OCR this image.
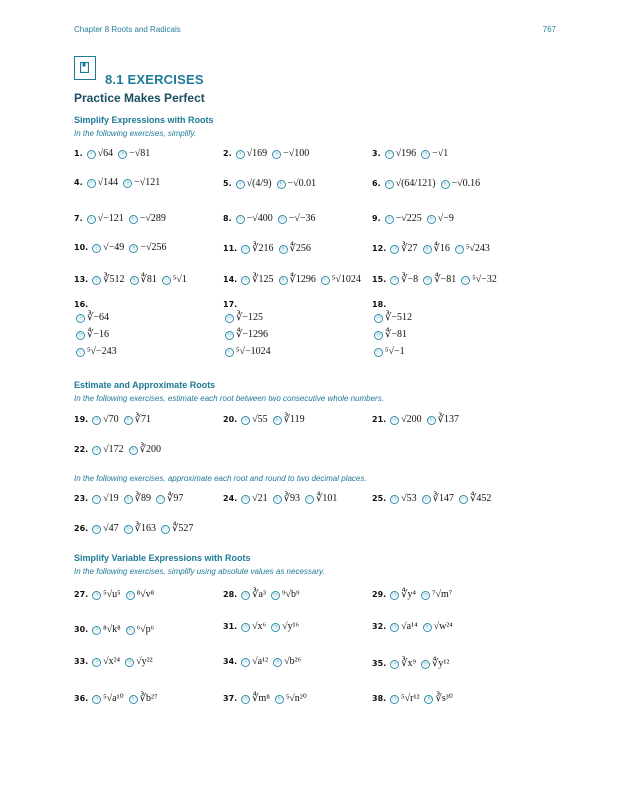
Chapter 8 Roots and Radicals	767
8.1 EXERCISES
Practice Makes Perfect
Simplify Expressions with Roots
In the following exercises, simplify.
1. ⓐ √64 ⓑ −√81	2. ⓐ √169 ⓑ −√100	3. ⓐ √196 ⓑ −√1
4. ⓐ √144 ⓑ −√121	5. ⓐ √(4/9) ⓑ −√0.01	6. ⓐ √(64/121) ⓑ −√0.16
7. ⓐ √−121 ⓑ −√289	8. ⓐ −√400 ⓑ −√−36	9. ⓐ −√225 ⓑ √−9
10. ⓐ √−49 ⓑ −√256	11. ⓐ ∛216 ⓑ ∜256	12. ⓐ ∛27 ⓑ ∜16 ⓒ ⁵√243
13. ⓐ ∛512 ⓑ ∜81 ⓒ ⁵√1	14. ⓐ ∛125 ⓑ ∜1296 ⓒ ⁵√1024	15. ⓐ ∛−8 ⓑ ∜−81 ⓒ ⁵√−32
16.
ⓐ ∛−64
ⓑ ∜−16
ⓒ ⁵√−243
17.
ⓐ ∛−125
ⓑ ∜−1296
ⓒ ⁵√−1024
18.
ⓐ ∛−512
ⓑ ∜−81
ⓒ ⁵√−1
Estimate and Approximate Roots
In the following exercises, estimate each root between two consecutive whole numbers.
19. ⓐ √70 ⓑ ∛71	20. ⓐ √55 ⓑ ∛119	21. ⓐ √200 ⓑ ∛137
22. ⓐ √172 ⓑ ∛200
In the following exercises, approximate each root and round to two decimal places.
23. ⓐ √19 ⓑ ∛89 ⓒ ∜97	24. ⓐ √21 ⓑ ∛93 ⓒ ∜101	25. ⓐ √53 ⓑ ∛147 ⓒ ∜452
26. ⓐ √47 ⓑ ∛163 ⓒ ∜527
Simplify Variable Expressions with Roots
In the following exercises, simplify using absolute values as necessary.
27. ⓐ ⁵√u⁵ ⓑ ⁸√v⁸	28. ⓐ ∛a³ ⓑ ⁹√b⁹	29. ⓐ ∜y⁴ ⓑ ⁷√m⁷
30. ⓐ ⁸√k⁸ ⓑ ⁶√p⁶	31. ⓐ √x⁶ ⓑ √y¹⁶	32. ⓐ √a¹⁴ ⓑ √w²⁴
33. ⓐ √x²⁴ ⓑ √y²²	34. ⓐ √a¹² ⓑ √b²⁶	35. ⓐ ∛x⁹ ⓑ ∜y¹²
36. ⓐ ⁵√a¹⁰ ⓑ ∛b²⁷	37. ⓐ ∜m⁸ ⓑ ⁵√n²⁰	38. ⓐ ⁵√r¹² ⓑ ∛s³⁰
